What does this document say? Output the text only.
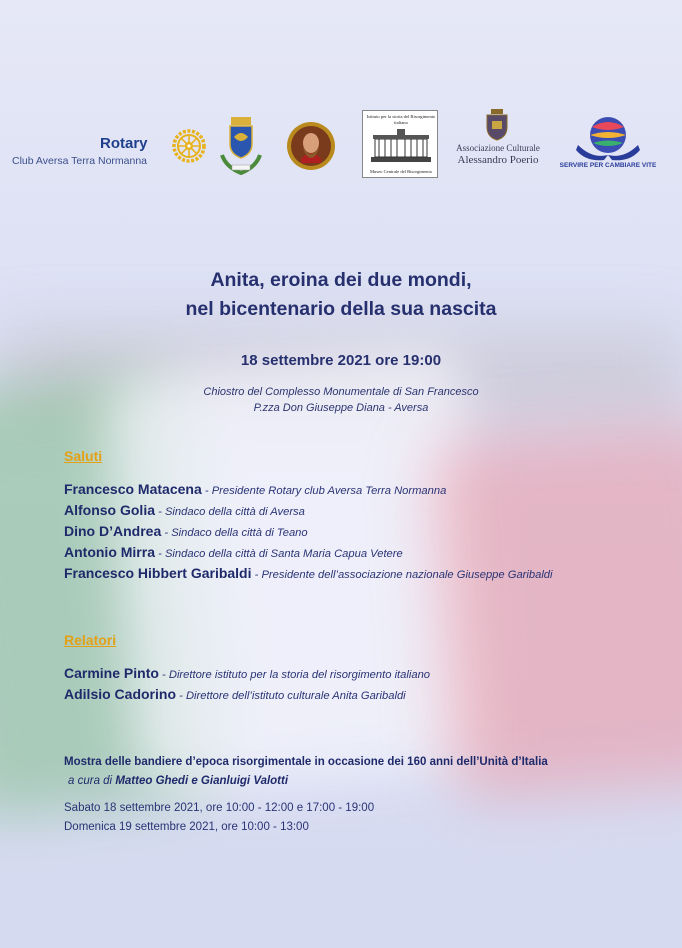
Rotary
Club Aversa Terra Normanna
Istituto per la storia del Risorgimento italiano
Museo Centrale del Risorgimento
Associazione Culturale
Alessandro Poerio	SERVIRE PER CAMBIARE VITE
Anita, eroina dei due mondi,
nel bicentenario della sua nascita
18 settembre 2021 ore 19:00
Chiostro del Complesso Monumentale di San Francesco
P.zza Don Giuseppe Diana - Aversa
Saluti
Francesco Matacena - Presidente Rotary club Aversa Terra Normanna
Alfonso Golia - Sindaco della città di Aversa
Dino D’Andrea - Sindaco della città di Teano
Antonio Mirra - Sindaco della città di Santa Maria Capua Vetere
Francesco Hibbert Garibaldi - Presidente dell’associazione nazionale Giuseppe Garibaldi
Relatori
Carmine Pinto - Direttore istituto per la storia del risorgimento italiano
Adilsio Cadorino - Direttore dell’istituto culturale Anita Garibaldi
Mostra delle bandiere d’epoca risorgimentale in occasione dei 160 anni dell’Unità d’Italia
a cura di Matteo Ghedi e Gianluigi Valotti
Sabato 18 settembre 2021, ore 10:00 - 12:00 e 17:00 - 19:00
Domenica 19 settembre 2021, ore 10:00 - 13:00
